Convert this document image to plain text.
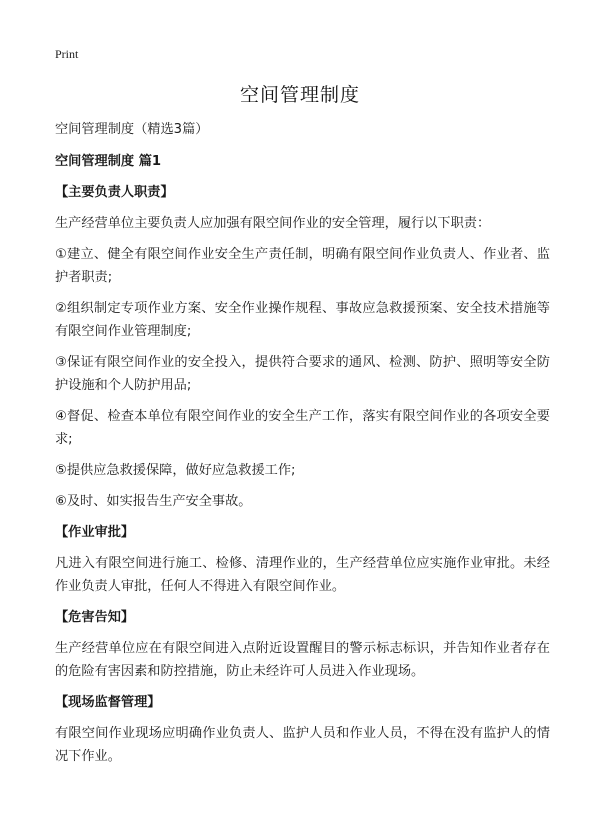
Print
空间管理制度

空间管理制度（精选3篇）

空间管理制度 篇1

【主要负责人职责】

生产经营单位主要负责人应加强有限空间作业的安全管理，履行以下职责：

①建立、健全有限空间作业安全生产责任制，明确有限空间作业负责人、作业者、监护者职责;

②组织制定专项作业方案、安全作业操作规程、事故应急救援预案、安全技术措施等有限空间作业管理制度;

③保证有限空间作业的安全投入，提供符合要求的通风、检测、防护、照明等安全防护设施和个人防护用品;

④督促、检查本单位有限空间作业的安全生产工作，落实有限空间作业的各项安全要求;

⑤提供应急救援保障，做好应急救援工作;

⑥及时、如实报告生产安全事故。

【作业审批】

凡进入有限空间进行施工、检修、清理作业的，生产经营单位应实施作业审批。未经作业负责人审批，任何人不得进入有限空间作业。

【危害告知】

生产经营单位应在有限空间进入点附近设置醒目的警示标志标识，并告知作业者存在的危险有害因素和防控措施，防止未经许可人员进入作业现场。

【现场监督管理】

有限空间作业现场应明确作业负责人、监护人员和作业人员，不得在没有监护人的情况下作业。
